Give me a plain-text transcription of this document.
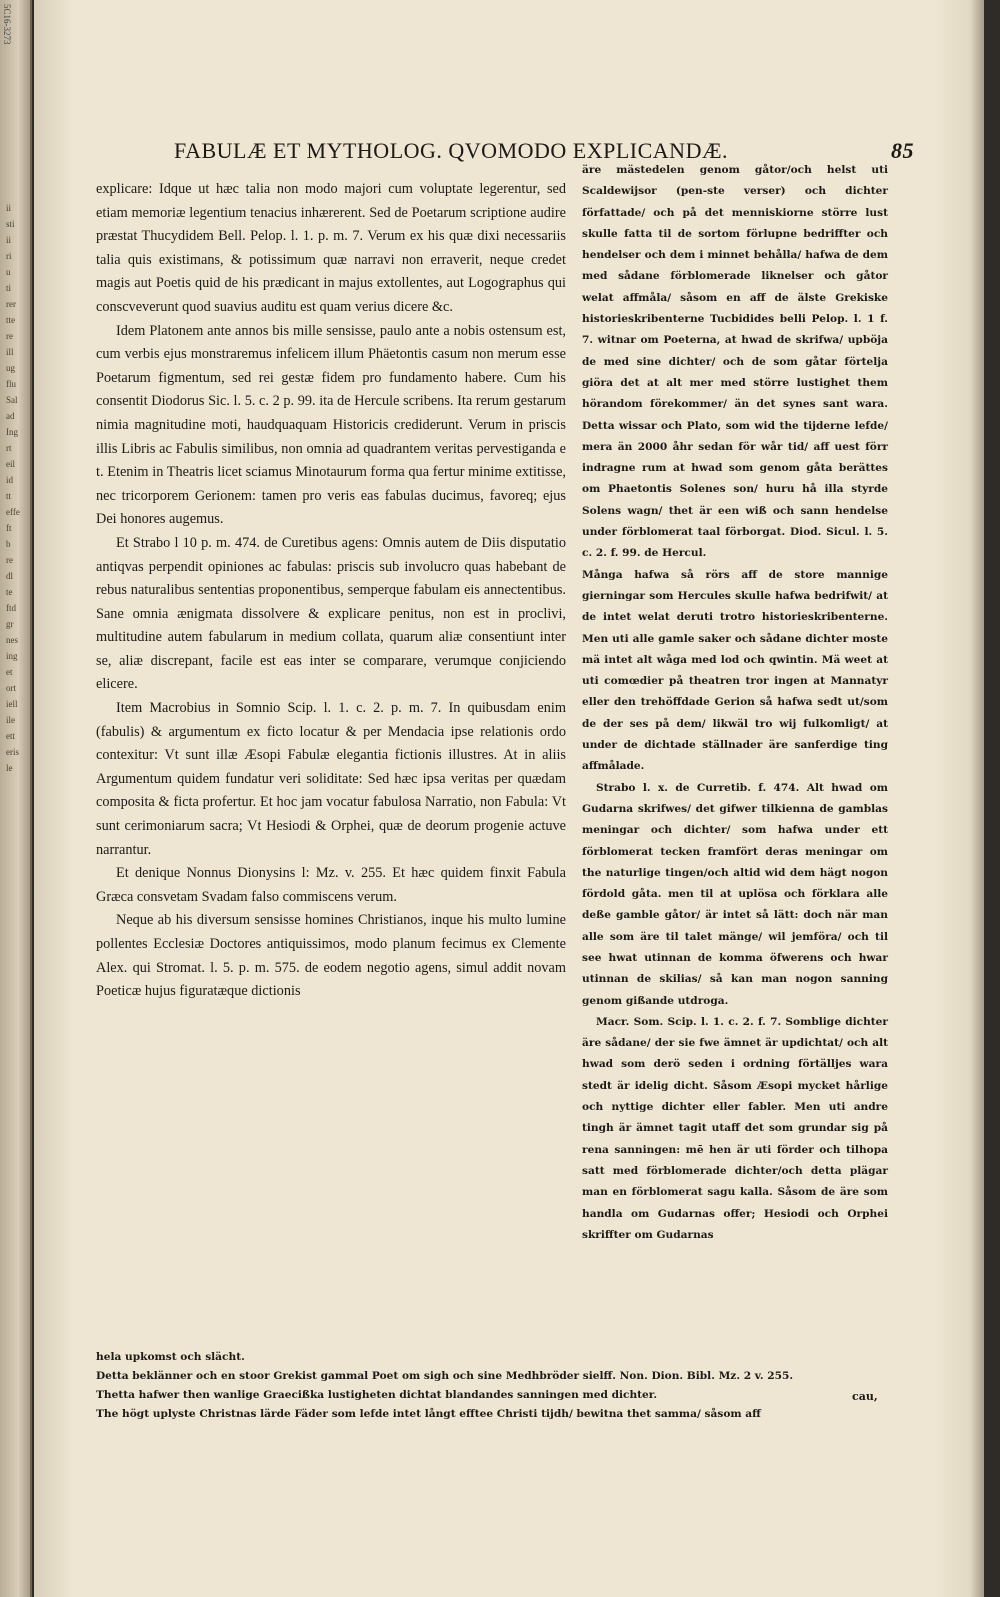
5C16-3273
ii
sti
ii
ri
u
ti
rer
tte
re
ill
ug
flu
Sal
ad
Ing
rt
eil
id
tt
effe
ft
b
re
dl
te
ftd
gr
nes
ing
et
ort
iell
ile
ett
eris
le
FABULÆ ET MYTHOLOG. QVOMODO EXPLICANDÆ.	85

explicare: Idque ut hæc talia non modo majori cum voluptate legerentur, sed etiam memoriæ legentium tenacius inhærerent. Sed de Poetarum scriptione audire præstat Thucydidem Bell. Pelop. l. 1. p. m. 7. Verum ex his quæ dixi necessariis talia quis existimans, & potissimum quæ narravi non erraverit, neque credet magis aut Poetis quid de his prædicant in majus extollentes, aut Logographus qui conscveverunt quod suavius auditu est quam verius dicere &c.

Idem Platonem ante annos bis mille sensisse, paulo ante a nobis ostensum est, cum verbis ejus monstraremus infelicem illum Phäetontis casum non merum esse Poetarum figmentum, sed rei gestæ fidem pro fundamento habere. Cum his consentit Diodorus Sic. l. 5. c. 2 p. 99. ita de Hercule scribens. Ita rerum gestarum nimia magnitudine moti, haudquaquam Historicis crediderunt. Verum in priscis illis Libris ac Fabulis similibus, non omnia ad quadrantem veritas pervestiganda e t. Etenim in Theatris licet sciamus Minotaurum forma qua fertur minime extitisse, nec tricorporem Gerionem: tamen pro veris eas fabulas ducimus, favoreq; ejus Dei honores augemus.

Et Strabo l 10 p. m. 474. de Curetibus agens: Omnis autem de Diis disputatio antiqvas perpendit opiniones ac fabulas: priscis sub involucro quas habebant de rebus naturalibus sententias proponentibus, semperque fabulam eis annectentibus. Sane omnia ænigmata dissolvere & explicare penitus, non est in proclivi, multitudine autem fabularum in medium collata, quarum aliæ consentiunt inter se, aliæ discrepant, facile est eas inter se comparare, verumque conjiciendo elicere.

Item Macrobius in Somnio Scip. l. 1. c. 2. p. m. 7. In quibusdam enim (fabulis) & argumentum ex ficto locatur & per Mendacia ipse relationis ordo contexitur: Vt sunt illæ Æsopi Fabulæ elegantia fictionis illustres. At in aliis Argumentum quidem fundatur veri soliditate: Sed hæc ipsa veritas per quædam composita & ficta profertur. Et hoc jam vocatur fabulosa Narratio, non Fabula: Vt sunt cerimoniarum sacra; Vt Hesiodi & Orphei, quæ de deorum progenie actuve narrantur.

Et denique Nonnus Dionysins l: Mz. v. 255. Et hæc quidem finxit Fabula Græca consvetam Svadam falso commiscens verum.

Neque ab his diversum sensisse homines Christianos, inque his multo lumine pollentes Ecclesiæ Doctores antiquissimos, modo planum fecimus ex Clemente Alex. qui Stromat. l. 5. p. m. 575. de eodem negotio agens, simul addit novam Poeticæ hujus figuratæque dictionis

äre mästedelen genom gåtor/och helst uti Scaldewijsor (pen-ste verser) och dichter författade/ och på det menniskiorne större lust skulle fatta til de sortom förlupne bedriffter och hendelser och dem i minnet behålla/ hafwa de dem med sådane förblomerade liknelser och gåtor welat affmåla/ såsom en aff de älste Grekiske historieskribenterne Tucbidides belli Pelop. l. 1 f. 7. witnar om Poeterna, at hwad de skrifwa/ upböja de med sine dichter/ och de som gåtar förtelja giöra det at alt mer med större lustighet them hörandom förekommer/ än det synes sant wara. Detta wissar och Plato, som wid the tijderne lefde/ mera än 2000 åhr sedan för wår tid/ aff uest förr indragne rum at hwad som genom gåta berättes om Phaetontis Solenes son/ huru hå illa styrde Solens wagn/ thet är een wiß och sann hendelse under förblomerat taal förborgat. Diod. Sicul. l. 5. c. 2. f. 99. de Hercul.

Många hafwa så rörs aff de store mannige gierningar som Hercules skulle hafwa bedrifwit/ at de intet welat deruti trotro historieskribenterne. Men uti alle gamle saker och sådane dichter moste mä intet alt wåga med lod och qwintin. Mä weet at uti comœdier på theatren tror ingen at Mannatyr eller den trehöffdade Gerion så hafwa sedt ut/som de der ses på dem/ likwäl tro wij fulkomligt/ at under de dichtade ställnader äre sanferdige ting affmålade.

Strabo l. x. de Curretib. f. 474. Alt hwad om Gudarna skrifwes/ det gifwer tilkienna de gamblas meningar och dichter/ som hafwa under ett förblomerat tecken framfört deras meningar om the naturlige tingen/och altid wid dem hägt nogon fördold gåta. men til at uplösa och förklara alle deße gamble gåtor/ är intet så lätt: doch när man alle som äre til talet mänge/ wil jemföra/ och til see hwat utinnan de komma öfwerens och hwar utinnan de skilias/ så kan man nogon sanning genom gißande utdroga.

Macr. Som. Scip. l. 1. c. 2. f. 7. Somblige dichter äre sådane/ der sie fwe ämnet är updichtat/ och alt hwad som derö seden i ordning förtälljes wara stedt är idelig dicht. Såsom Æsopi mycket hårlige och nyttige dichter eller fabler. Men uti andre tingh är ämnet tagit utaff det som grundar sig på rena sanningen: mē hen är uti förder och tilhopa satt med förblomerade dichter/och detta plägar man en förblomerat sagu kalla. Såsom de äre som handla om Gudarnas offer; Hesiodi och Orphei skriffter om Gudarnas

hela upkomst och slächt.

Detta beklänner och en stoor Grekist gammal Poet om sigh och sine Medhbröder sielff. Non. Dion. Bibl. Mz. 2 v. 255.

Thetta hafwer then wanlige Graecißka lustigheten dichtat blandandes sanningen med dichter.

The högt uplyste Christnas lärde Fäder som lefde intet långt efftee Christi tijdh/ bewitna thet samma/ såsom aff

cau,
